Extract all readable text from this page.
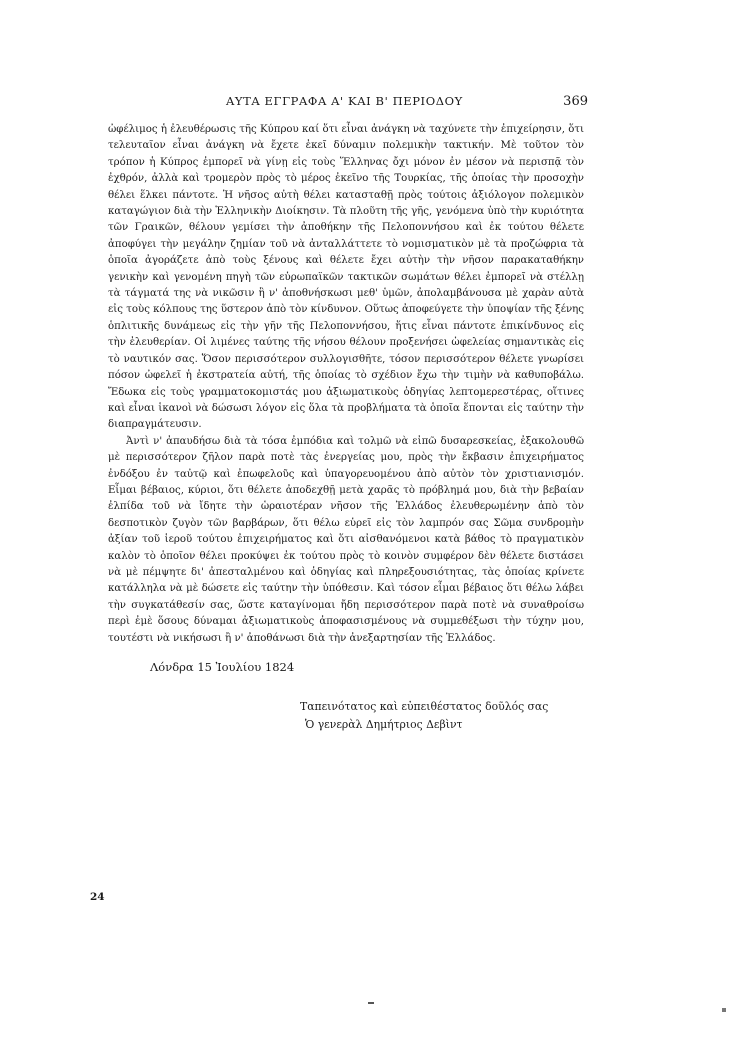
ΑΥΤΑ ΕΓΓΡΑΦΑ Α' ΚΑΙ Β' ΠΕΡΙΟΔΟΥ	369

ὠφέλιμος ἡ ἐλευθέρωσις τῆς Κύπρου καί ὅτι εἶναι ἀνάγκη νὰ ταχύνετε τὴν ἐπιχείρησιν, ὅτι τελευταῖον εἶναι ἀνάγκη νὰ ἔχετε ἐκεῖ δύναμιν πολεμικὴν τακτικήν. Μὲ τοῦτον τὸν τρόπον ἡ Κύπρος ἐμπορεῖ νὰ γίνῃ εἰς τοὺς Ἕλληνας ὄχι μόνον ἐν μέσον νὰ περισπᾷ τὸν ἐχθρόν, ἀλλὰ καὶ τρομερὸν πρὸς τὸ μέρος ἐκεῖνο τῆς Τουρκίας, τῆς ὁποίας τὴν προσοχὴν θέλει ἕλκει πάντοτε. Ἡ νῆσος αὐτὴ θέλει κατασταθῇ πρὸς τούτοις ἀξιόλογον πολεμικὸν καταγώγιον διὰ τὴν Ἑλληνικὴν Διοίκησιν. Τὰ πλοῦτη τῆς γῆς, γενόμενα ὑπὸ τὴν κυριότητα τῶν Γραικῶν, θέλουν γεμίσει τὴν ἀποθήκην τῆς Πελοποννήσου καὶ ἐκ τούτου θέλετε ἀποφύγει τὴν μεγάλην ζημίαν τοῦ νὰ ἀνταλλάττετε τὸ νομισματικὸν μὲ τὰ προζώφρια τὰ ὁποῖα ἀγοράζετε ἀπὸ τοὺς ξένους καὶ θέλετε ἔχει αὐτὴν τὴν νῆσον παρακαταθήκην γενικὴν καὶ γενομένη πηγὴ τῶν εὐρωπαϊκῶν τακτικῶν σωμάτων θέλει ἐμπορεῖ νὰ στέλλῃ τὰ τάγματά της νὰ νικῶσιν ἢ ν' ἀποθνήσκωσι μεθ' ὑμῶν, ἀπολαμβάνουσα μὲ χαρὰν αὐτὰ εἰς τοὺς κόλπους της ὕστερον ἀπὸ τὸν κίνδυνον. Οὕτως ἀποφεύγετε τὴν ὑποψίαν τῆς ξένης ὁπλιτικῆς δυνάμεως εἰς τὴν γῆν τῆς Πελοποννήσου, ἥτις εἶναι πάντοτε ἐπικίνδυνος εἰς τὴν ἐλευθερίαν. Οἱ λιμένες ταύτης τῆς νήσου θέλουν προξενήσει ὠφελείας σημαντικὰς εἰς τὸ ναυτικόν σας. Ὅσον περισσότερον συλλογισθῆτε, τόσον περισσότερον θέλετε γνωρίσει πόσον ὠφελεῖ ἡ ἐκστρατεία αὐτή, τῆς ὁποίας τὸ σχέδιον ἔχω τὴν τιμὴν νὰ καθυποβάλω. Ἔδωκα εἰς τοὺς γραμματοκομιστάς μου ἀξιωματικοὺς ὁδηγίας λεπτομερεστέρας, οἵτινες καὶ εἶναι ἱκανοὶ νὰ δώσωσι λόγον εἰς ὅλα τὰ προβλήματα τὰ ὁποῖα ἕπονται εἰς ταύτην τὴν διαπραγμάτευσιν.

Ἀντὶ ν' ἀπαυδήσω διὰ τὰ τόσα ἐμπόδια καὶ τολμῶ νὰ εἰπῶ δυσαρεσκείας, ἐξακολουθῶ μὲ περισσότερον ζῆλον παρὰ ποτὲ τὰς ἐνεργείας μου, πρὸς τὴν ἔκβασιν ἐπιχειρήματος ἐνδόξου ἐν ταὐτῷ καὶ ἐπωφελοῦς καὶ ὑπαγορευομένου ἀπὸ αὐτὸν τὸν χριστιανισμόν. Εἶμαι βέβαιος, κύριοι, ὅτι θέλετε ἀποδεχθῇ μετὰ χαρᾶς τὸ πρόβλημά μου, διὰ τὴν βεβαίαν ἐλπίδα τοῦ νὰ ἴδητε τὴν ὡραιοτέραν νῆσον τῆς Ἑλλάδος ἐλευθερωμένην ἀπὸ τὸν δεσποτικὸν ζυγὸν τῶν βαρβάρων, ὅτι θέλω εὑρεῖ εἰς τὸν λαμπρόν σας Σῶμα συνδρομὴν ἀξίαν τοῦ ἱεροῦ τούτου ἐπιχειρήματος καὶ ὅτι αἰσθανόμενοι κατὰ βάθος τὸ πραγματικὸν καλὸν τὸ ὁποῖον θέλει προκύψει ἐκ τούτου πρὸς τὸ κοινὸν συμφέρον δὲν θέλετε διστάσει νὰ μὲ πέμψητε δι' ἀπεσταλμένου καὶ ὁδηγίας καὶ πληρεξουσιότητας, τὰς ὁποίας κρίνετε κατάλληλα νὰ μὲ δώσετε εἰς ταύτην τὴν ὑπόθεσιν. Καὶ τόσον εἶμαι βέβαιος ὅτι θέλω λάβει τὴν συγκατάθεσίν σας, ὥστε καταγίνομαι ἤδη περισσότερον παρὰ ποτὲ νὰ συναθροίσω περὶ ἐμὲ ὅσους δύναμαι ἀξιωματικοὺς ἀποφασισμένους νὰ συμμεθέξωσι τὴν τύχην μου, τουτέστι νὰ νικήσωσι ἢ ν' ἀποθάνωσι διὰ τὴν ἀνεξαρτησίαν τῆς Ἑλλάδος.

Λόνδρα 15 Ἰουλίου 1824
Ταπεινότατος καὶ εὐπειθέστατος δοῦλός σας
Ὁ γενερὰλ Δημήτριος Δεβὶντ
24
